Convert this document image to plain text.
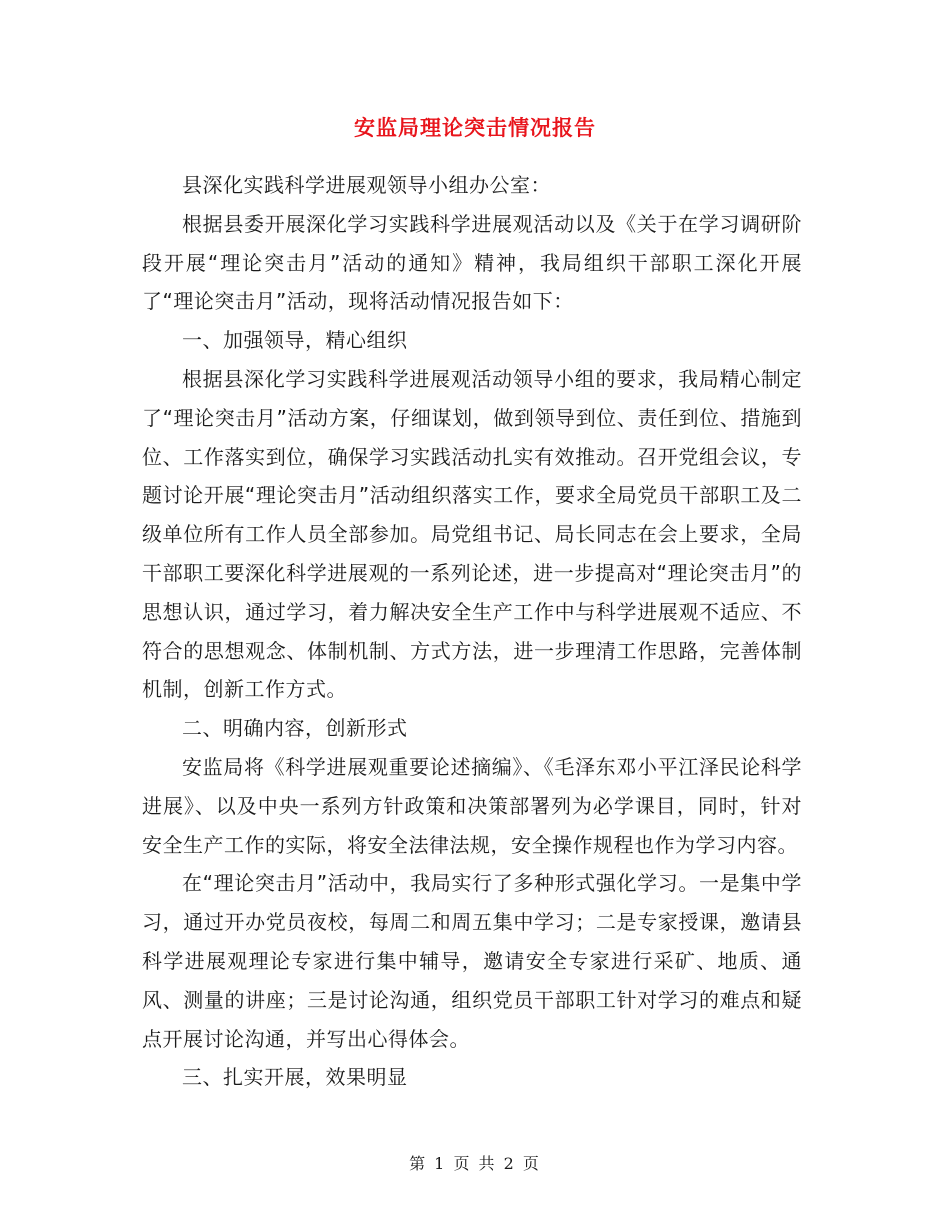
安监局理论突击情况报告

县深化实践科学进展观领导小组办公室：

根据县委开展深化学习实践科学进展观活动以及《关于在学习调研阶段开展“理论突击月”活动的通知》精神，我局组织干部职工深化开展了“理论突击月”活动，现将活动情况报告如下：

一、加强领导，精心组织

根据县深化学习实践科学进展观活动领导小组的要求，我局精心制定了“理论突击月”活动方案，仔细谋划，做到领导到位、责任到位、措施到位、工作落实到位，确保学习实践活动扎实有效推动。召开党组会议，专题讨论开展“理论突击月”活动组织落实工作，要求全局党员干部职工及二级单位所有工作人员全部参加。局党组书记、局长同志在会上要求，全局干部职工要深化科学进展观的一系列论述，进一步提高对“理论突击月”的思想认识，通过学习，着力解决安全生产工作中与科学进展观不适应、不符合的思想观念、体制机制、方式方法，进一步理清工作思路，完善体制机制，创新工作方式。

二、明确内容，创新形式

安监局将《科学进展观重要论述摘编》、《毛泽东邓小平江泽民论科学进展》、以及中央一系列方针政策和决策部署列为必学课目，同时，针对安全生产工作的实际，将安全法律法规，安全操作规程也作为学习内容。

在“理论突击月”活动中，我局实行了多种形式强化学习。一是集中学习，通过开办党员夜校，每周二和周五集中学习；二是专家授课，邀请县科学进展观理论专家进行集中辅导，邀请安全专家进行采矿、地质、通风、测量的讲座；三是讨论沟通，组织党员干部职工针对学习的难点和疑点开展讨论沟通，并写出心得体会。

三、扎实开展，效果明显

第 1 页 共 2 页
